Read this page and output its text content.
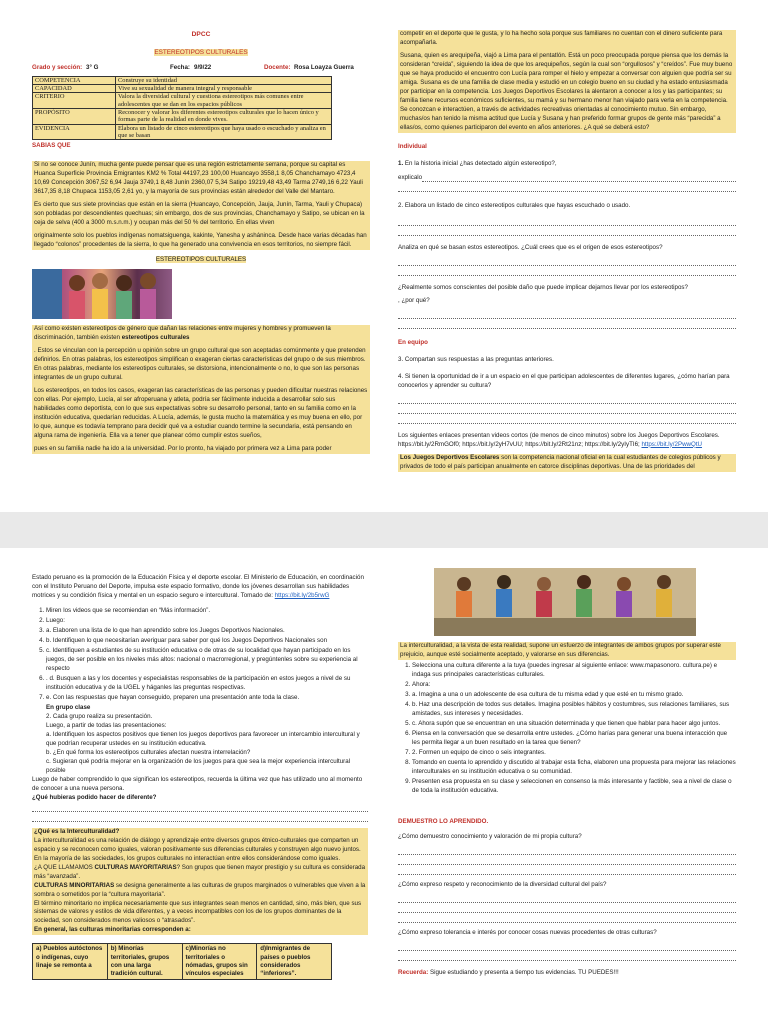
DPCC
ESTEREOTIPOS CULTURALES
Grado y sección: 3° G	Fecha: 9/9/22	Docente: Rosa Loayza Guerra
COMPETENCIA	Construye su identidad
CAPACIDAD	Vive su sexualidad de manera integral y responsable
CRITERIO	Valora la diversidad cultural y cuestiona estereotipos más comunes entre adolescentes que se dan en los espacios públicos
PROPÓSITO	Reconocer y valorar los diferentes estereotipos culturales que lo hacen único y formas parte de la realidad en donde vives.
EVIDENCIA	Elabora un listado de cinco estereotipos que haya usado o escuchado y analiza en que se basan
SABIAS QUE

Si no se conoce Junín, mucha gente puede pensar que es una región estrictamente serrana, porque su capital es Huanca Superficie Provincia Emigrantes KM2 % Total 44197,23 100,00 Huancayo 3558,1 8,05 Chanchamayo 4723,4 10,69 Concepción 3067,52 6,94 Jauja 3749,1 8,48 Junín 2360,07 5,34 Satipo 19219,48 43,49 Tarma 2749,16 6,22 Yauli 3617,35 8,18 Chupaca 1153,05 2,61 yo, y la mayoría de sus provincias están alrededor del Valle del Mantaro.

Es cierto que sus siete provincias que están en la sierra (Huancayo, Concepción, Jauja, Junín, Tarma, Yauli y Chupaca) son pobladas por descendientes quechuas; sin embargo, dos de sus provincias, Chanchamayo y Satipo, se ubican en la ceja de selva (400 a 3000 m.s.n.m.) y ocupan más del 50 % del territorio. En ellas viven

originalmente solo los pueblos indígenas nomatsiguenga, kakinte, Yanesha y asháninca. Desde hace varias décadas han llegado “colonos” procedentes de la sierra, lo que ha generado una convivencia en esos territorios, no siempre fácil.

ESTEREOTIPOS CULTURALES

Así como existen estereotipos de género que dañan las relaciones entre mujeres y hombres y promueven la discriminación, también existen estereotipos culturales

. Estos se vinculan con la percepción u opinión sobre un grupo cultural que son aceptadas comúnmente y que pretenden definirlos. En otras palabras, los estereotipos simplifican o exageran ciertas características del grupo o de sus miembros. En otras palabras, mediante los estereotipos culturales, se distorsiona, intencionalmente o no, lo que son las personas integrantes de un grupo cultural.

Los estereotipos, en todos los casos, exageran las características de las personas y pueden dificultar nuestras relaciones con ellas. Por ejemplo, Lucía, al ser afroperuana y atleta, podría ser fácilmente inducida a desarrollar solo sus habilidades como deportista, con lo que sus expectativas sobre su desarrollo personal, tanto en su familia como en la institución educativa, quedarían reducidas. A Lucía, además, le gusta mucho la matemática y es muy buena en ello, por lo que, aunque es todavía temprano para decidir qué va a estudiar cuando termine la secundaria, está pensando en alguna rama de ingeniería. Ella va a tener que planear cómo cumplir estos sueños,

pues en su familia nadie ha ido a la universidad. Por lo pronto, ha viajado por primera vez a Lima para poder

competir en el deporte que le gusta, y lo ha hecho sola porque sus familiares no cuentan con el dinero suficiente para acompañarla.

Susana, quien es arequipeña, viajó a Lima para el pentatlón. Está un poco preocupada porque piensa que los demás la consideran “creída”, siguiendo la idea de que los arequipeños, según la cual son “orgullosos” y “creídos”. Fue muy bueno que se haya producido el encuentro con Lucía para romper el hielo y empezar a conversar con alguien que podría ser su amiga. Susana es de una familia de clase media y estudió en un colegio bueno en su ciudad y ha estado entusiasmada por participar en la competencia. Los Juegos Deportivos Escolares la alentaron a conocer a los y las participantes; su familia tiene recursos económicos suficientes, su mamá y su hermano menor han viajado para verla en la competencia. Se conozcan e interactúen, a través de actividades recreativas orientadas al conocimiento mutuo. Sin embargo, muchas/os han tenido la misma actitud que Lucía y Susana y han preferido formar grupos de gente más “parecida” a ellas/os, como quienes participaron del evento en años anteriores. ¿A qué se deberá esto?

Individual

1. En la historia inicial ¿has detectado algún estereotipo?,

explicalo

2. Elabora un listado de cinco estereotipos culturales que hayas escuchado o usado.

Analiza en qué se basan estos estereotipos. ¿Cuál crees que es el origen de esos estereotipos?

¿Realmente somos conscientes del posible daño que puede implicar dejarnos llevar por los estereotipos?

, ¿por qué?

En equipo

3. Compartan sus respuestas a las preguntas anteriores.

4. Si tienen la oportunidad de ir a un espacio en el que participan adolescentes de diferentes lugares, ¿cómo harían para conocerlos y aprender su cultura?

Los siguientes enlaces presentan videos cortos (de menos de cinco minutos) sobre los Juegos Deportivos Escolares. https://bit.ly/2RmGOf0; https://bit.ly/2yH7vUU; https://bit.ly/2Rt21nz; https://bit.ly/2yIyTI6; https://bit.ly/2PwwQtU

Los Juegos Deportivos Escolares son la competencia nacional oficial en la cual estudiantes de colegios públicos y privados de todo el país participan anualmente en catorce disciplinas deportivas. Una de las prioridades del

Estado peruano es la promoción de la Educación Física y el deporte escolar. El Ministerio de Educación, en coordinación con el Instituto Peruano del Deporte, impulsa este espacio formativo, donde los jóvenes desarrollan sus habilidades motrices y su condición física y mental en un espacio seguro e intercultural. Tomado de: https://bit.ly/2b5rwG

1. Miren los videos que se recomiendan en “Más información”.
2. Luego:
3. a. Elaboren una lista de lo que han aprendido sobre los Juegos Deportivos Nacionales.
4. b. Identifiquen lo que necesitarían averiguar para saber por qué los Juegos Deportivos Nacionales son
5. c. Identifiquen a estudiantes de su institución educativa o de otras de su localidad que hayan participado en los juegos, de ser posible en los niveles más altos: nacional o macrorregional, y pregúntenles sobre su experiencia al respecto
6. . d. Busquen a las y los docentes y especialistas responsables de la participación en estos juegos a nivel de su institución educativa y de la UGEL y háganles las preguntas respectivas.
7. e. Con las respuestas que hayan conseguido, preparen una presentación ante toda la clase.
En grupo clase
2. Cada grupo realiza su presentación.
Luego, a partir de todas las presentaciones:
a. Identifiquen los aspectos positivos que tienen los juegos deportivos para favorecer un intercambio intercultural y que podrían recuperar ustedes en su institución educativa.
b. ¿En qué forma los estereotipos culturales afectan nuestra interrelación?
c. Sugieran qué podría mejorar en la organización de los juegos para que sea la mejor experiencia intercultural posible
Luego de haber comprendido lo que significan los estereotipos, recuerda la última vez que has utilizado uno al momento de conocer a una nueva persona.
¿Qué hubieras podido hacer de diferente?
¿Qué es la Interculturalidad?
La interculturalidad es una relación de diálogo y aprendizaje entre diversos grupos étnico-culturales que comparten un espacio y se reconocen como iguales, valoran positivamente sus diferencias culturales y construyen algo nuevo juntos.
En la mayoría de las sociedades, los grupos culturales no interactúan entre ellos considerándose como iguales.
¿A QUE LLAMAMOS CULTURAS MAYORITARIAS? Son grupos que tienen mayor prestigio y su cultura es considerada más “avanzada”.
CULTURAS MINORITARIAS se designa generalmente a las culturas de grupos marginados o vulnerables que viven a la sombra o sometidos por la “cultura mayoritaria”.
El término minoritario no implica necesariamente que sus integrantes sean menos en cantidad, sino, más bien, que sus sistemas de valores y estilos de vida diferentes, y a veces incompatibles con los de los grupos dominantes de la sociedad, son considerados menos valiosos o “atrasados”.
En general, las culturas minoritarias corresponden a:
a) Pueblos autóctonos o indígenas, cuyo linaje se remonta a	b) Minorías territoriales, grupos con una larga tradición cultural.	c)Minorías no territoriales o nómadas, grupos sin vínculos especiales	d)Inmigrantes de países o pueblos considerados “inferiores”.
La interculturalidad, a la vista de esta realidad, supone un esfuerzo de integrantes de ambos grupos por superar este prejuicio, aunque esté socialmente aceptado, y valorarse en sus diferencias.
1. Selecciona una cultura diferente a la tuya (puedes ingresar al siguiente enlace: www.mapasonoro. cultura.pe) e indaga sus principales características culturales.
2. Ahora:
3. a. Imagina a una o un adolescente de esa cultura de tu misma edad y que esté en tu mismo grado.
4. b. Haz una descripción de todos sus detalles. Imagina posibles hábitos y costumbres, sus relaciones familiares, sus amistades, sus intereses y necesidades.
5. c. Ahora supón que se encuentran en una situación determinada y que tienen que hablar para hacer algo juntos.
6. Piensa en la conversación que se desarrolla entre ustedes. ¿Cómo harías para generar una buena interacción que les permita llegar a un buen resultado en la tarea que tienen?
7. 2. Formen un equipo de cinco o seis integrantes.
8. Tomando en cuenta lo aprendido y discutido al trabajar esta ficha, elaboren una propuesta para mejorar las relaciones interculturales en su institución educativa o su comunidad.
9. Presenten esa propuesta en su clase y seleccionen en consenso la más interesante y factible, sea a nivel de clase o de toda la institución educativa.
DEMUESTRO LO APRENDIDO.

¿Cómo demuestro conocimiento y valoración de mi propia cultura?

¿Cómo expreso respeto y reconocimiento de la diversidad cultural del país?

¿Cómo expreso tolerancia e interés por conocer cosas nuevas procedentes de otras culturas?

Recuerda: Sigue estudiando y presenta a tiempo tus evidencias. TU PUEDES!!!
